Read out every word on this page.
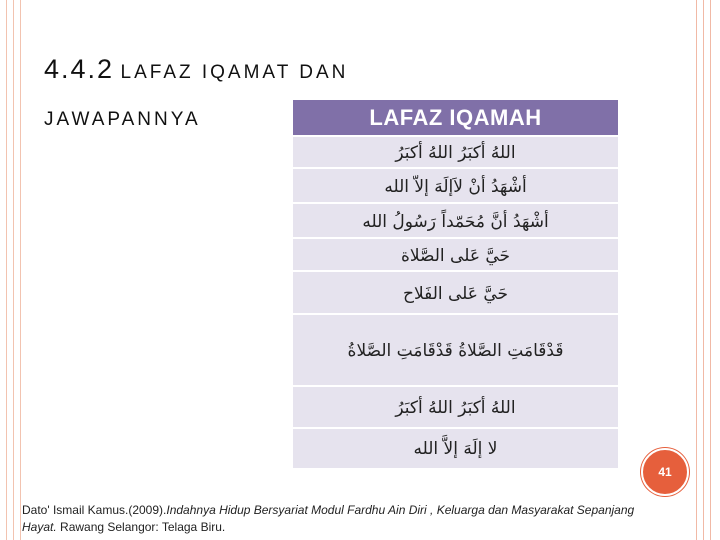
4.4.2 LAFAZ IQAMAT DAN
JAWAPANNYA	LAFAZ IQAMAH
اللهُ أكبَرُ اللهُ أكبَرُ
أشْهَدُ أنْ لاَإلَهَ إلاّ الله
أشْهَدُ أنَّ مُحَمّداً رَسُولُ الله
حَيَّ عَلى الصَّلاة
حَيَّ عَلى الفَلاح
قَدْقَامَتِ الصَّلاةُ قَدْقَامَتِ الصَّلاةُ
اللهُ أكبَرُ اللهُ أكبَرُ
لا إلَهَ إلاَّ الله
41
Dato' Ismail Kamus.(2009).Indahnya Hidup Bersyariat Modul Fardhu Ain Diri , Keluarga dan Masyarakat Sepanjang Hayat. Rawang Selangor: Telaga Biru.
